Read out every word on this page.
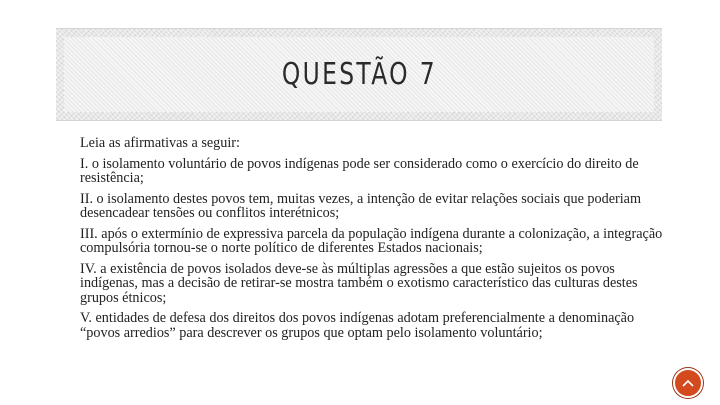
QUESTÃO 7

Leia as afirmativas a seguir:

I. o isolamento voluntário de povos indígenas pode ser considerado como o exercício do direito de resistência;

II. o isolamento destes povos tem, muitas vezes, a intenção de evitar relações sociais que poderiam desencadear tensões ou conflitos interétnicos;

III. após o extermínio de expressiva parcela da população indígena durante a colonização, a integração compulsória tornou-se o norte político de diferentes Estados nacionais;

IV. a existência de povos isolados deve-se às múltiplas agressões a que estão sujeitos os povos indígenas, mas a decisão de retirar-se mostra também o exotismo característico das culturas destes grupos étnicos;

V. entidades de defesa dos direitos dos povos indígenas adotam preferencialmente a denominação “povos arredios” para descrever os grupos que optam pelo isolamento voluntário;
